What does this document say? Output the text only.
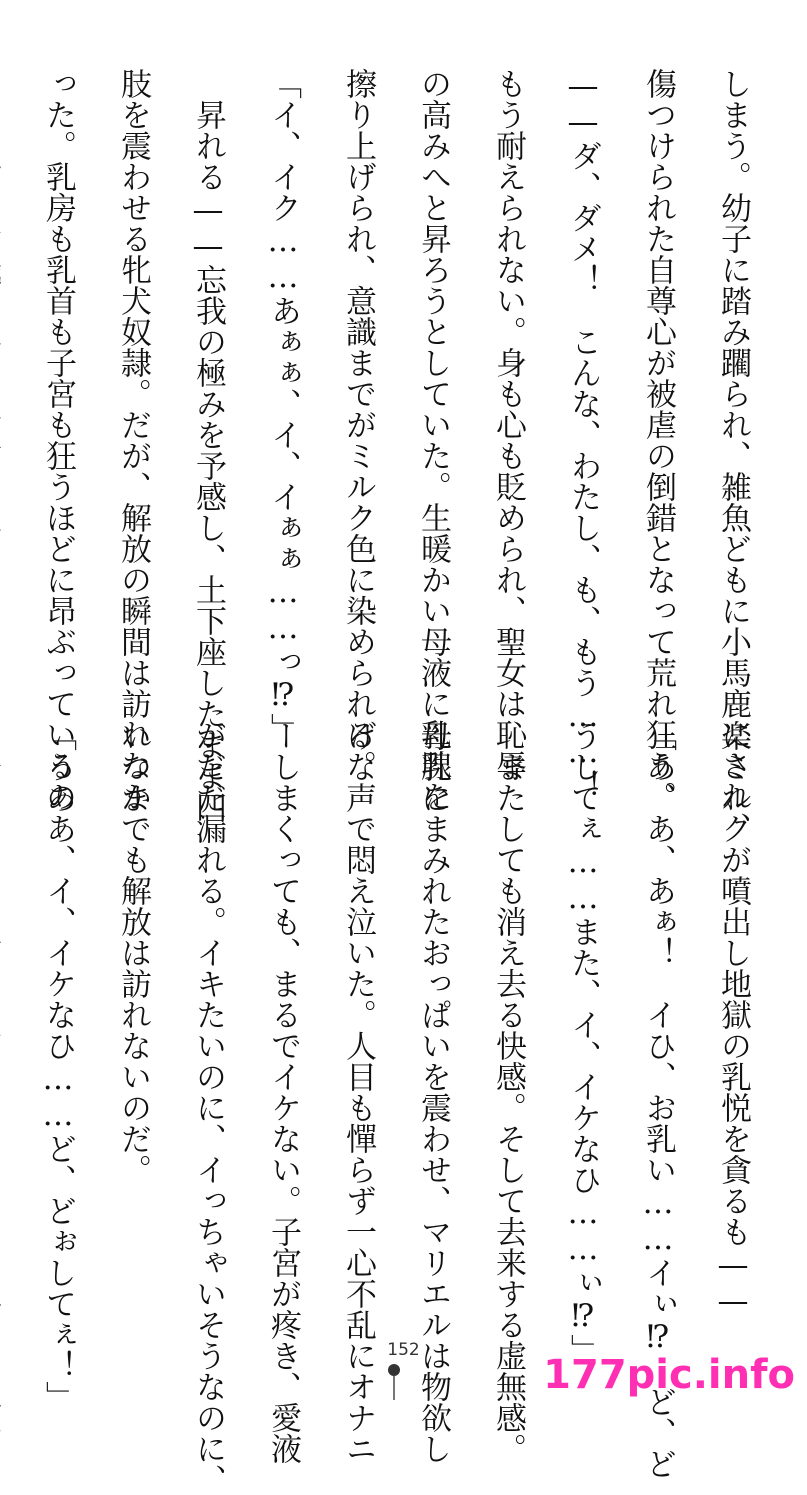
しまう。幼子に踏み躙られ、雑魚どもに小馬鹿にされ、
傷つけられた自尊心が被虐の倒錯となって荒れ狂う。
——ダ、ダメ！　こんな、わたし、も、もう……！
もう耐えられない。身も心も貶められ、聖女は恥辱
の高みへと昇ろうとしていた。生暖かい母液に乳腺を
擦り上げられ、意識までがミルク色に染められる。
「イ、イク……あぁぁ、イ、イぁぁ……っ⁉」
　昇れる——忘我の極みを予感し、土下座したまま四
肢を震わせる牝犬奴隷。だが、解放の瞬間は訪れなか
った。乳房も乳首も子宮も狂うほどに昂ぶっているの
楽ミルクが噴出し地獄の乳悦を貪るも——
「あ、あ、あぁ！　イひ、お乳い……イぃ⁉　ど、ど
うしてぇ……また、イ、イケなひ……ぃ⁉」
　またしても消え去る快感。そして去来する虚無感。
母乳にまみれたおっぱいを震わせ、マリエルは物欲し
げな声で悶え泣いた。人目も憚らず一心不乱にオナニ
ーしまくっても、まるでイケない。子宮が疼き、愛液
がだだ漏れる。イキたいのに、イっちゃいそうなのに、
いつまでも解放は訪れないのだ。
「うああ、イ、イケなひ……ど、どぉしてぇ！」	152
177pic.info
